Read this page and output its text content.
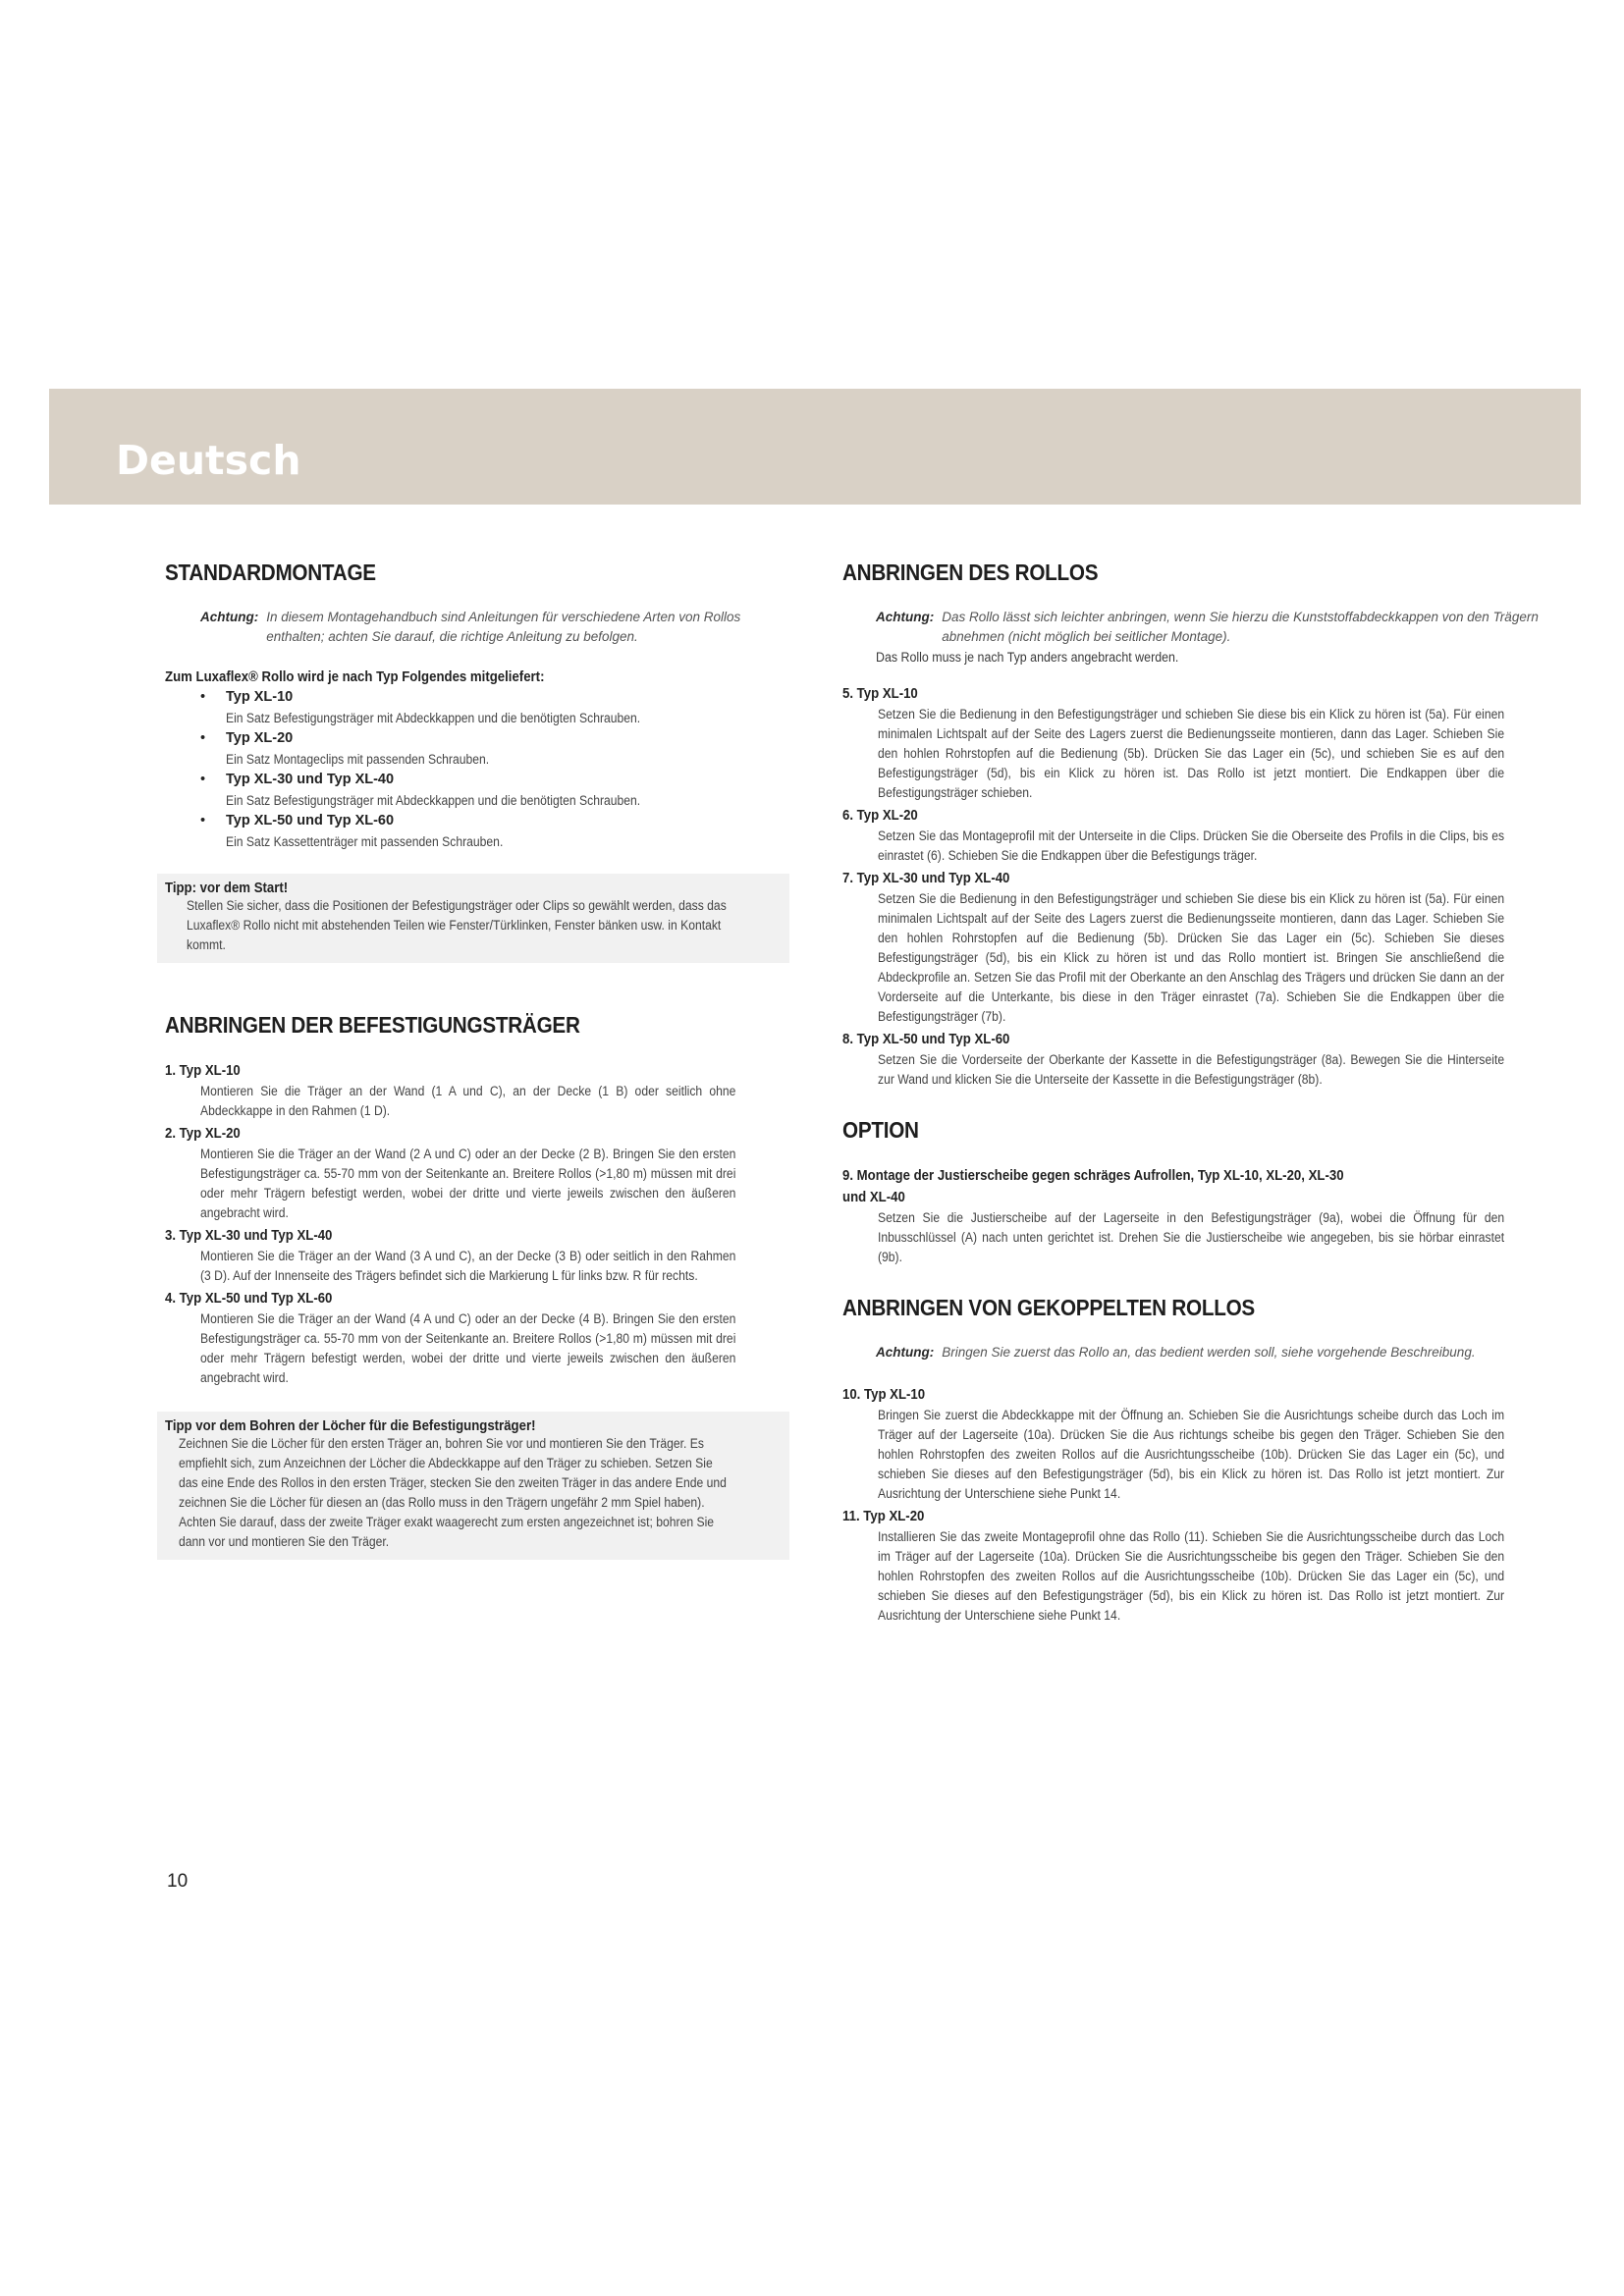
Deutsch
STANDARDMONTAGE
Achtung: In diesem Montagehandbuch sind Anleitungen für verschiedene Arten von Rollos enthalten; achten Sie darauf, die richtige Anleitung zu befolgen.
Zum Luxaflex® Rollo wird je nach Typ Folgendes mitgeliefert:
•	Typ XL-10
Ein Satz Befestigungsträger mit Abdeckkappen und die benötigten Schrauben.
•	Typ XL-20
Ein Satz Montageclips mit passenden Schrauben.
•	Typ XL-30 und Typ XL-40
Ein Satz Befestigungsträger mit Abdeckkappen und die benötigten Schrauben.
•	Typ XL-50 und Typ XL-60
Ein Satz Kassettenträger mit passenden Schrauben.
Tipp: vor dem Start!
Stellen Sie sicher, dass die Positionen der Befestigungsträger oder Clips so gewählt werden, dass das Luxaflex® Rollo nicht mit abstehenden Teilen wie Fenster/Türklinken, Fenster bänken usw. in Kontakt kommt.
ANBRINGEN DER BEFESTIGUNGSTRÄGER
1. Typ XL-10
Montieren Sie die Träger an der Wand (1 A und C), an der Decke (1 B) oder seitlich ohne Abdeckkappe in den Rahmen (1 D).
2. Typ XL-20
Montieren Sie die Träger an der Wand (2 A und C) oder an der Decke (2 B). Bringen Sie den ersten Befestigungsträger ca. 55-70 mm von der Seitenkante an. Breitere Rollos (>1,80 m) müssen mit drei oder mehr Trägern befestigt werden, wobei der dritte und vierte jeweils zwischen den äußeren angebracht wird.
3. Typ XL-30 und Typ XL-40
Montieren Sie die Träger an der Wand (3 A und C), an der Decke (3 B) oder seitlich in den Rahmen (3 D). Auf der Innenseite des Trägers befindet sich die Markierung L für links bzw. R für rechts.
4. Typ XL-50 und Typ XL-60
Montieren Sie die Träger an der Wand (4 A und C) oder an der Decke (4 B). Bringen Sie den ersten Befestigungsträger ca. 55-70 mm von der Seitenkante an. Breitere Rollos (>1,80 m) müssen mit drei oder mehr Trägern befestigt werden, wobei der dritte und vierte jeweils zwischen den äußeren angebracht wird.
Tipp vor dem Bohren der Löcher für die Befestigungsträger!
Zeichnen Sie die Löcher für den ersten Träger an, bohren Sie vor und montieren Sie den Träger. Es empfiehlt sich, zum Anzeichnen der Löcher die Abdeckkappe auf den Träger zu schieben. Setzen Sie das eine Ende des Rollos in den ersten Träger, stecken Sie den zweiten Träger in das andere Ende und zeichnen Sie die Löcher für diesen an (das Rollo muss in den Trägern ungefähr 2 mm Spiel haben). Achten Sie darauf, dass der zweite Träger exakt waagerecht zum ersten angezeichnet ist; bohren Sie dann vor und montieren Sie den Träger.
ANBRINGEN DES ROLLOS
Achtung: Das Rollo lässt sich leichter anbringen, wenn Sie hierzu die Kunststoffabdeckkappen von den Trägern abnehmen (nicht möglich bei seitlicher Montage).
Das Rollo muss je nach Typ anders angebracht werden.
5. Typ XL-10
Setzen Sie die Bedienung in den Befestigungsträger und schieben Sie diese bis ein Klick zu hören ist (5a). Für einen minimalen Lichtspalt auf der Seite des Lagers zuerst die Bedienungsseite montieren, dann das Lager. Schieben Sie den hohlen Rohrstopfen auf die Bedienung (5b). Drücken Sie das Lager ein (5c), und schieben Sie es auf den Befestigungsträger (5d), bis ein Klick zu hören ist. Das Rollo ist jetzt montiert. Die Endkappen über die Befestigungsträger schieben.
6. Typ XL-20
Setzen Sie das Montageprofil mit der Unterseite in die Clips. Drücken Sie die Oberseite des Profils in die Clips, bis es einrastet (6). Schieben Sie die Endkappen über die Befestigungs träger.
7. Typ XL-30 und Typ XL-40
Setzen Sie die Bedienung in den Befestigungsträger und schieben Sie diese bis ein Klick zu hören ist (5a). Für einen minimalen Lichtspalt auf der Seite des Lagers zuerst die Bedienungsseite montieren, dann das Lager. Schieben Sie den hohlen Rohrstopfen auf die Bedienung (5b). Drücken Sie das Lager ein (5c). Schieben Sie dieses Befestigungsträger (5d), bis ein Klick zu hören ist und das Rollo montiert ist. Bringen Sie anschließend die Abdeckprofile an. Setzen Sie das Profil mit der Oberkante an den Anschlag des Trägers und drücken Sie dann an der Vorderseite auf die Unterkante, bis diese in den Träger einrastet (7a). Schieben Sie die Endkappen über die Befestigungsträger (7b).
8. Typ XL-50 und Typ XL-60
Setzen Sie die Vorderseite der Oberkante der Kassette in die Befestigungsträger (8a). Bewegen Sie die Hinterseite zur Wand und klicken Sie die Unterseite der Kassette in die Befestigungsträger (8b).
OPTION
9. Montage der Justierscheibe gegen schräges Aufrollen, Typ XL-10, XL-20, XL-30 und XL-40
Setzen Sie die Justierscheibe auf der Lagerseite in den Befestigungsträger (9a), wobei die Öffnung für den Inbusschlüssel (A) nach unten gerichtet ist. Drehen Sie die Justierscheibe wie angegeben, bis sie hörbar einrastet (9b).
ANBRINGEN VON GEKOPPELTEN ROLLOS
Achtung: Bringen Sie zuerst das Rollo an, das bedient werden soll, siehe vorgehende Beschreibung.
10. Typ XL-10
Bringen Sie zuerst die Abdeckkappe mit der Öffnung an. Schieben Sie die Ausrichtungs scheibe durch das Loch im Träger auf der Lagerseite (10a). Drücken Sie die Aus richtungs scheibe bis gegen den Träger. Schieben Sie den hohlen Rohrstopfen des zweiten Rollos auf die Ausrichtungsscheibe (10b). Drücken Sie das Lager ein (5c), und schieben Sie dieses auf den Befestigungsträger (5d), bis ein Klick zu hören ist. Das Rollo ist jetzt montiert. Zur Ausrichtung der Unterschiene siehe Punkt 14.
11. Typ XL-20
Installieren Sie das zweite Montageprofil ohne das Rollo (11). Schieben Sie die Ausrichtungsscheibe durch das Loch im Träger auf der Lagerseite (10a). Drücken Sie die Ausrichtungsscheibe bis gegen den Träger. Schieben Sie den hohlen Rohrstopfen des zweiten Rollos auf die Ausrichtungsscheibe (10b). Drücken Sie das Lager ein (5c), und schieben Sie dieses auf den Befestigungsträger (5d), bis ein Klick zu hören ist. Das Rollo ist jetzt montiert. Zur Ausrichtung der Unterschiene siehe Punkt 14.
10
